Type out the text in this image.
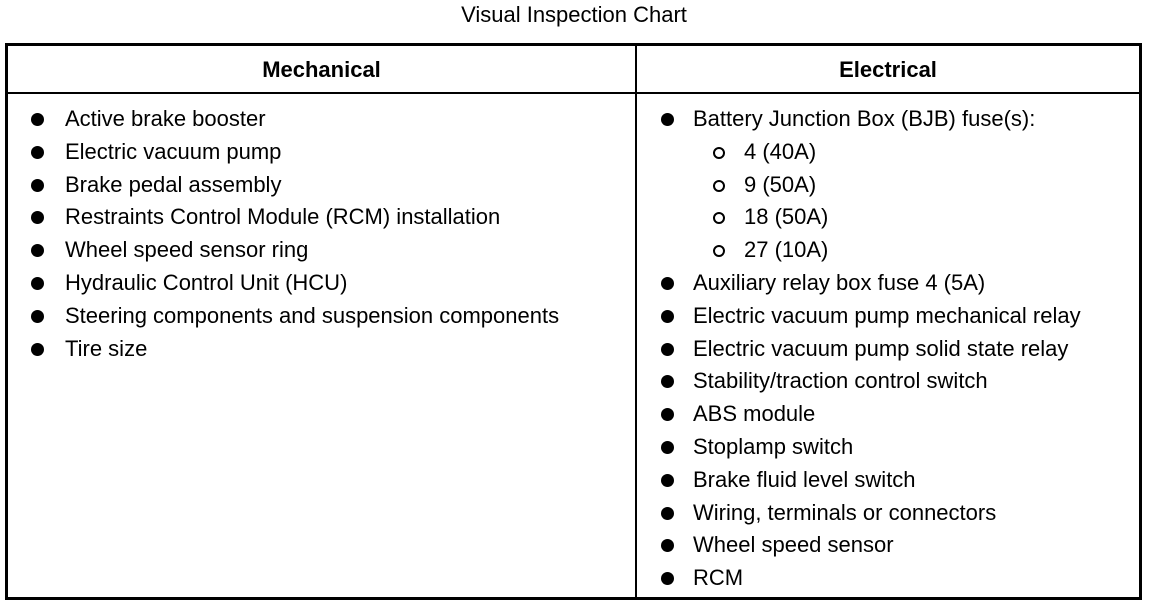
Visual Inspection Chart
Mechanical	Electrical
Active brake booster
Electric vacuum pump
Brake pedal assembly
Restraints Control Module (RCM) installation
Wheel speed sensor ring
Hydraulic Control Unit (HCU)
Steering components and suspension components
Tire size
Battery Junction Box (BJB) fuse(s):
4 (40A)
9 (50A)
18 (50A)
27 (10A)
Auxiliary relay box fuse 4 (5A)
Electric vacuum pump mechanical relay
Electric vacuum pump solid state relay
Stability/traction control switch
ABS module
Stoplamp switch
Brake fluid level switch
Wiring, terminals or connectors
Wheel speed sensor
RCM
